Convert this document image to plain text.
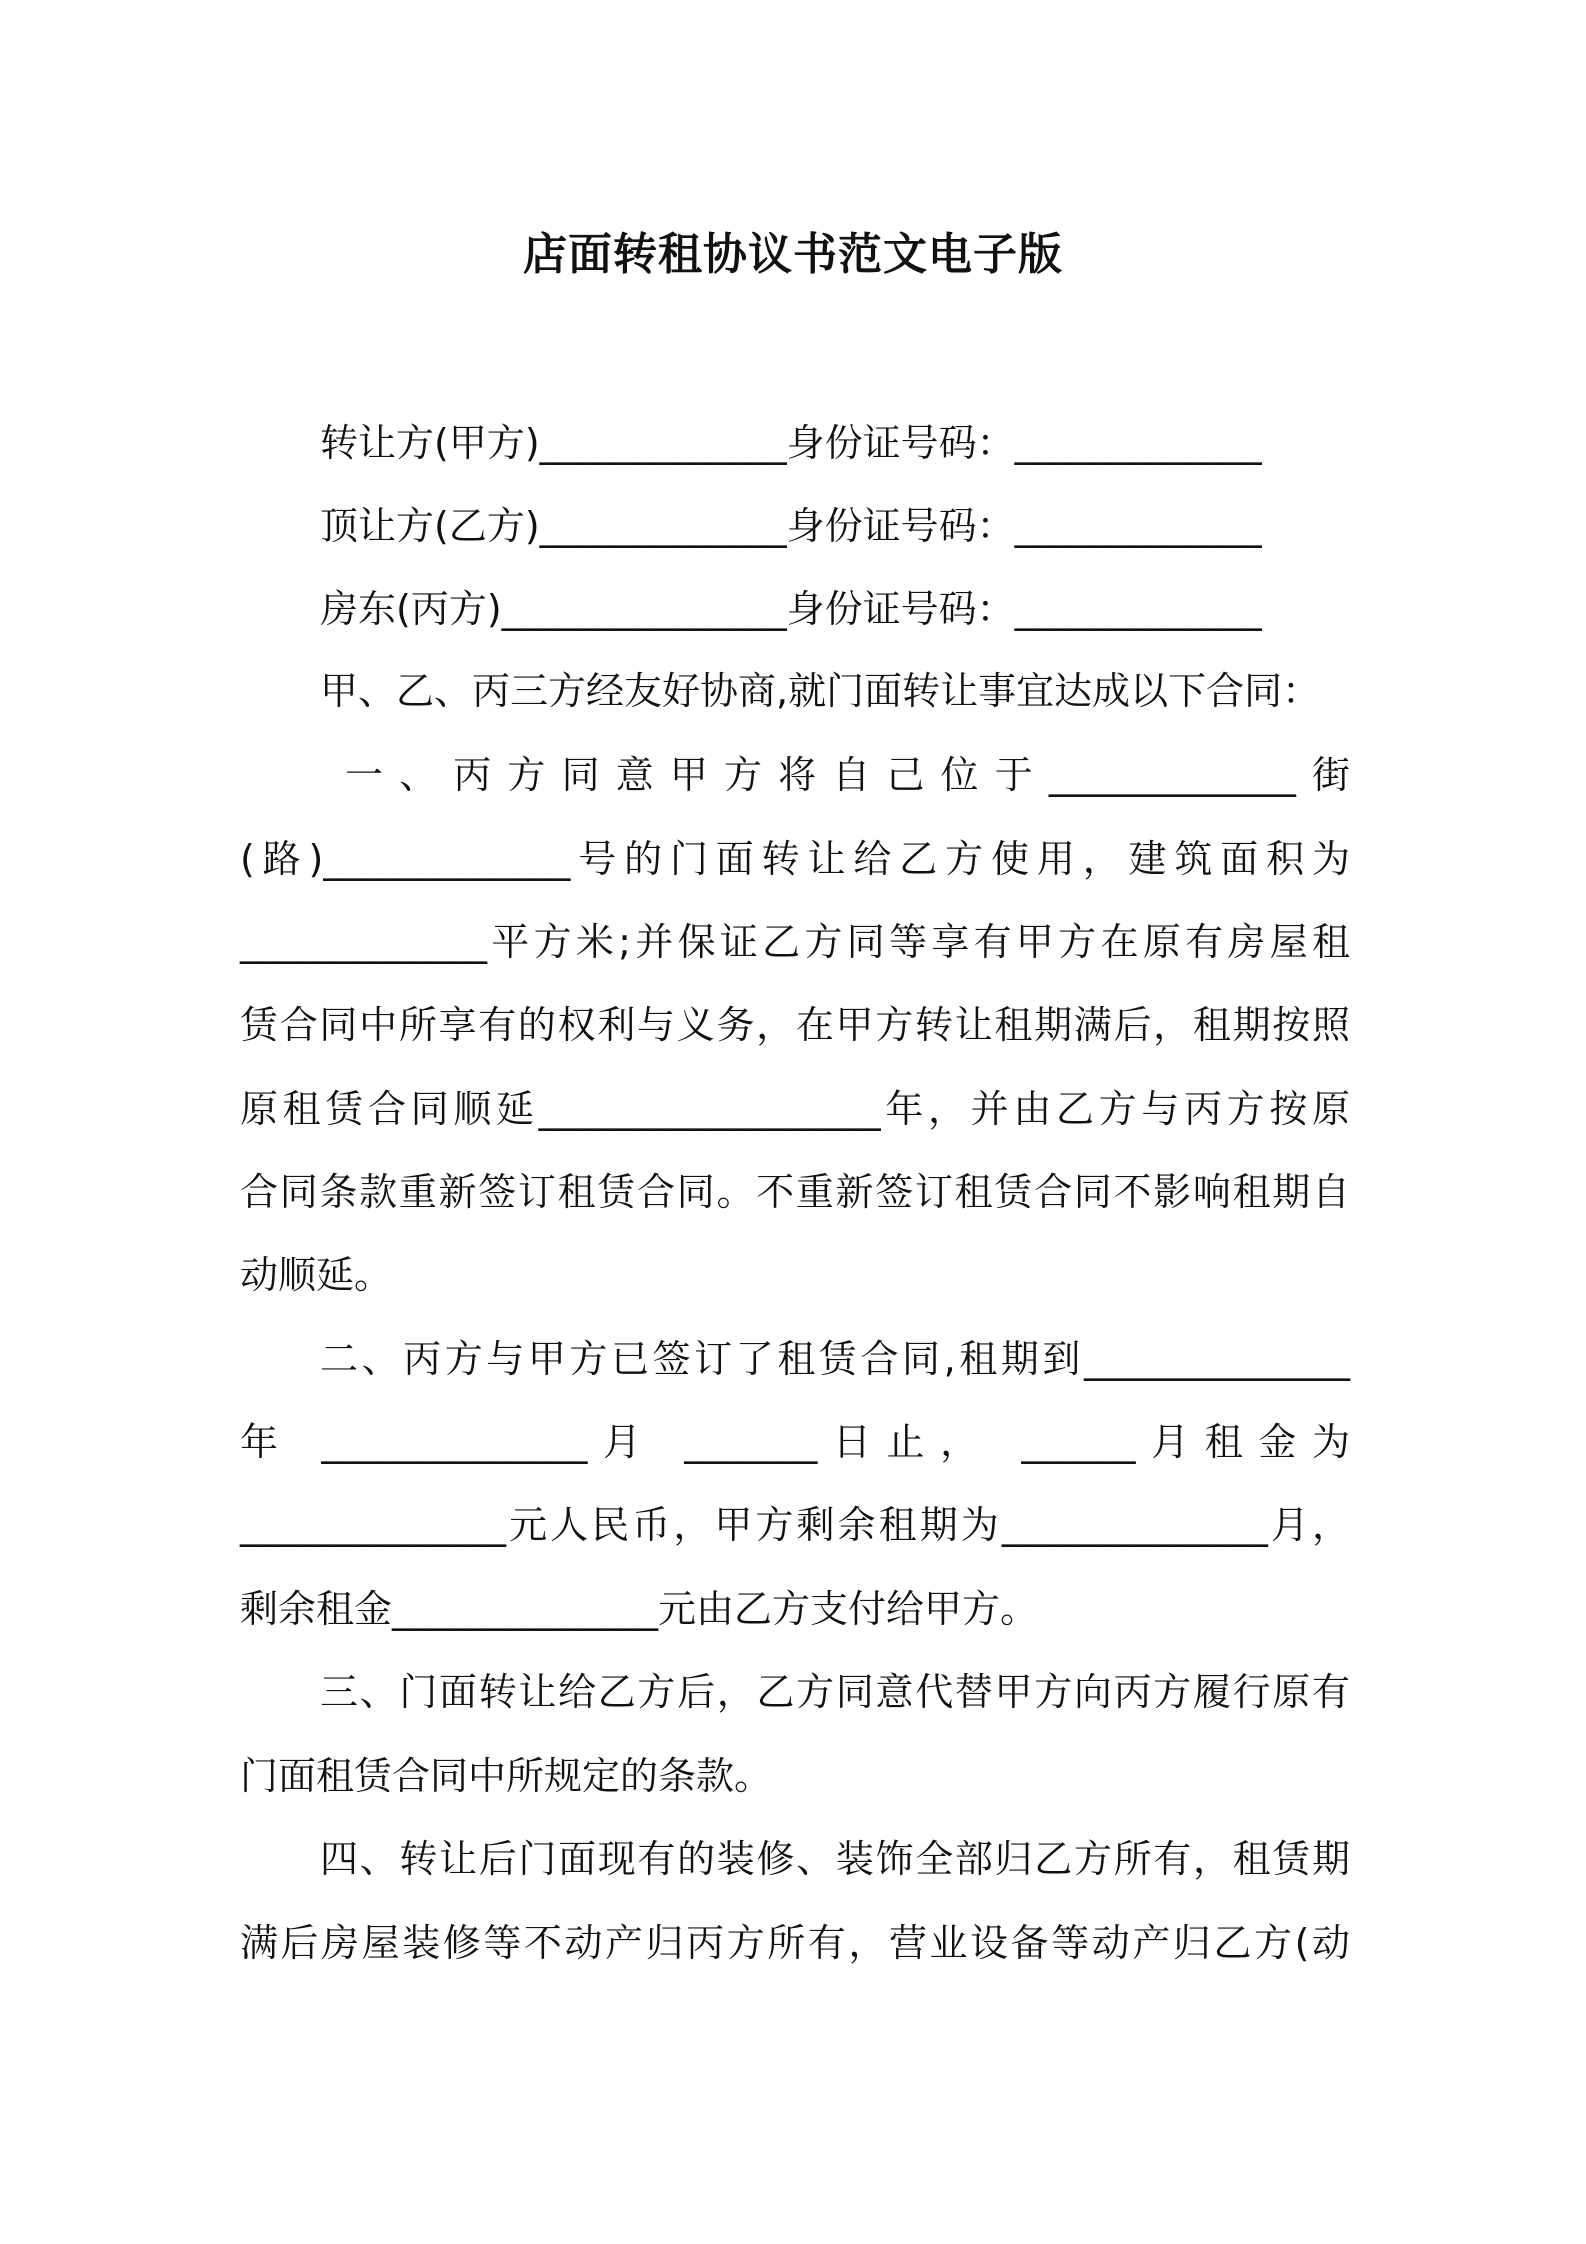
店面转租协议书范文电子版
转让方(甲方)_____________身份证号码：_____________
顶让方(乙方)_____________身份证号码：_____________
房东(丙方)_______________身份证号码：_____________
甲、乙、丙三方经友好协商,就门面转让事宜达成以下合同：
一、丙方同意甲方将自己位于_____________街
(路)_____________号的门面转让给乙方使用，建筑面积为
_____________平方米;并保证乙方同等享有甲方在原有房屋租
赁合同中所享有的权利与义务，在甲方转让租期满后，租期按照
原租赁合同顺延__________________年，并由乙方与丙方按原
合同条款重新签订租赁合同。不重新签订租赁合同不影响租期自
动顺延。
二、丙方与甲方已签订了租赁合同,租期到______________
年 ______________月 _______日止， ______月租金为
______________元人民币，甲方剩余租期为______________月，
剩余租金______________元由乙方支付给甲方。
三、门面转让给乙方后，乙方同意代替甲方向丙方履行原有
门面租赁合同中所规定的条款。
四、转让后门面现有的装修、装饰全部归乙方所有，租赁期
满后房屋装修等不动产归丙方所有，营业设备等动产归乙方(动
